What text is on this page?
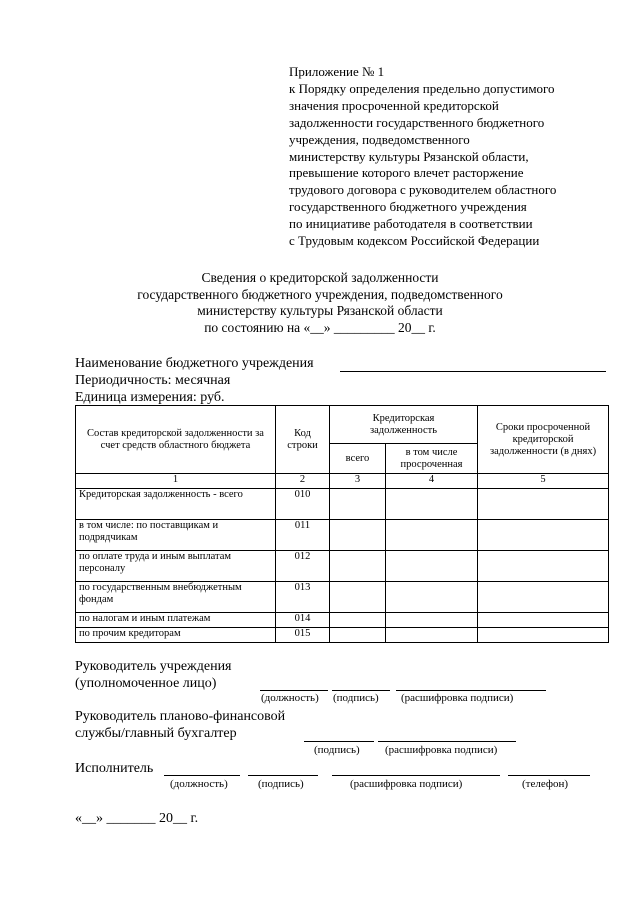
Приложение № 1
к Порядку определения предельно допустимого
значения просроченной кредиторской
задолженности государственного бюджетного
учреждения, подведомственного
министерству культуры Рязанской области,
превышение которого влечет расторжение
трудового договора с руководителем областного
государственного бюджетного учреждения
по инициативе работодателя в соответствии
с Трудовым кодексом Российской Федерации
Сведения о кредиторской задолженности
государственного бюджетного учреждения, подведомственного
министерству культуры Рязанской области
по состоянию на «__» _________ 20__ г.
Наименование бюджетного учреждения
Периодичность: месячная
Единица измерения: руб.
Состав кредиторской задолженности за счет средств областного бюджета	Код строки	Кредиторская задолженность		Сроки просроченной кредиторской задолженности (в днях)
		всего	в том числе просроченная	
1	2	3	4	5
Кредиторская задолженность - всего	010			
в том числе: по поставщикам и подрядчикам	011			
по оплате труда и иным выплатам персоналу	012			
по государственным внебюджетным фондам	013			
по налогам и иным платежам	014			
по прочим кредиторам	015			
Руководитель учреждения
(уполномоченное лицо)
(должность) (подпись) (расшифровка подписи)
Руководитель планово-финансовой
службы/главный бухгалтер
(подпись) (расшифровка подписи)
Исполнитель
(должность)	(подпись)	(расшифровка подписи)	(телефон)
«__» _______ 20__ г.
